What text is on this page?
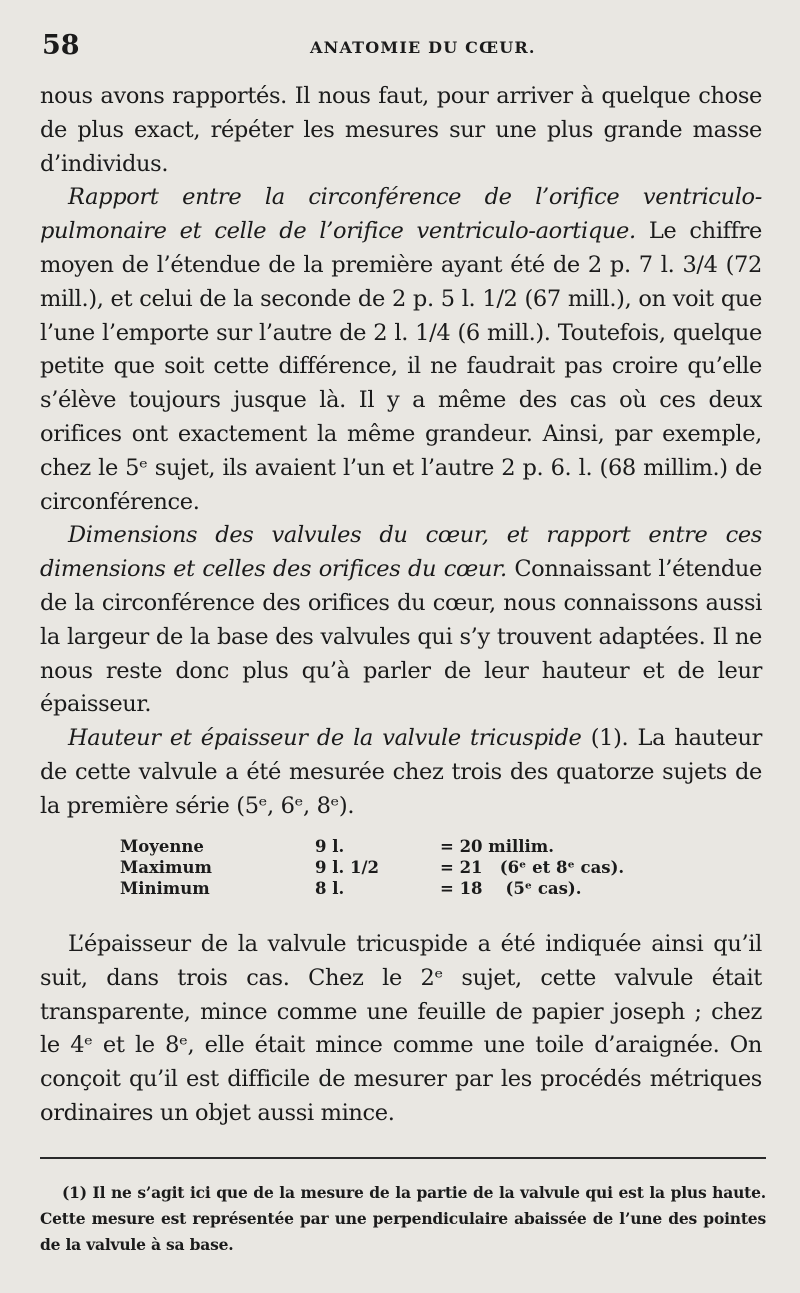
58	ANATOMIE DU CŒUR.

nous avons rapportés. Il nous faut, pour arriver à quelque chose de plus exact, répéter les mesures sur une plus grande masse d’individus.

Rapport entre la circonférence de l’orifice ventriculo-pulmonaire et celle de l’orifice ventriculo-aortique. Le chiffre moyen de l’étendue de la première ayant été de 2 p. 7 l. 3/4 (72 mill.), et celui de la seconde de 2 p. 5 l. 1/2 (67 mill.), on voit que l’une l’emporte sur l’autre de 2 l. 1/4 (6 mill.). Toutefois, quelque petite que soit cette différence, il ne faudrait pas croire qu’elle s’élève toujours jusque là. Il y a même des cas où ces deux orifices ont exactement la même grandeur. Ainsi, par exemple, chez le 5ᵉ sujet, ils avaient l’un et l’autre 2 p. 6. l. (68 millim.) de circonférence.

Dimensions des valvules du cœur, et rapport entre ces dimensions et celles des orifices du cœur. Connaissant l’étendue de la circonférence des orifices du cœur, nous connaissons aussi la largeur de la base des valvules qui s’y trouvent adaptées. Il ne nous reste donc plus qu’à parler de leur hauteur et de leur épaisseur.

Hauteur et épaisseur de la valvule tricuspide (1). La hauteur de cette valvule a été mesurée chez trois des quatorze sujets de la première série (5ᵉ, 6ᵉ, 8ᵉ).

Moyenne	9 l.	= 20 millim.
Maximum	9 l. 1/2	= 21 (6ᵉ et 8ᵉ cas).
Minimum	8 l.	= 18 (5ᵉ cas).

L’épaisseur de la valvule tricuspide a été indiquée ainsi qu’il suit, dans trois cas. Chez le 2ᵉ sujet, cette valvule était transparente, mince comme une feuille de papier joseph ; chez le 4ᵉ et le 8ᵉ, elle était mince comme une toile d’araignée. On conçoit qu’il est difficile de mesurer par les procédés métriques ordinaires un objet aussi mince.

(1) Il ne s’agit ici que de la mesure de la partie de la valvule qui est la plus haute. Cette mesure est représentée par une perpendiculaire abaissée de l’une des pointes de la valvule à sa base.
